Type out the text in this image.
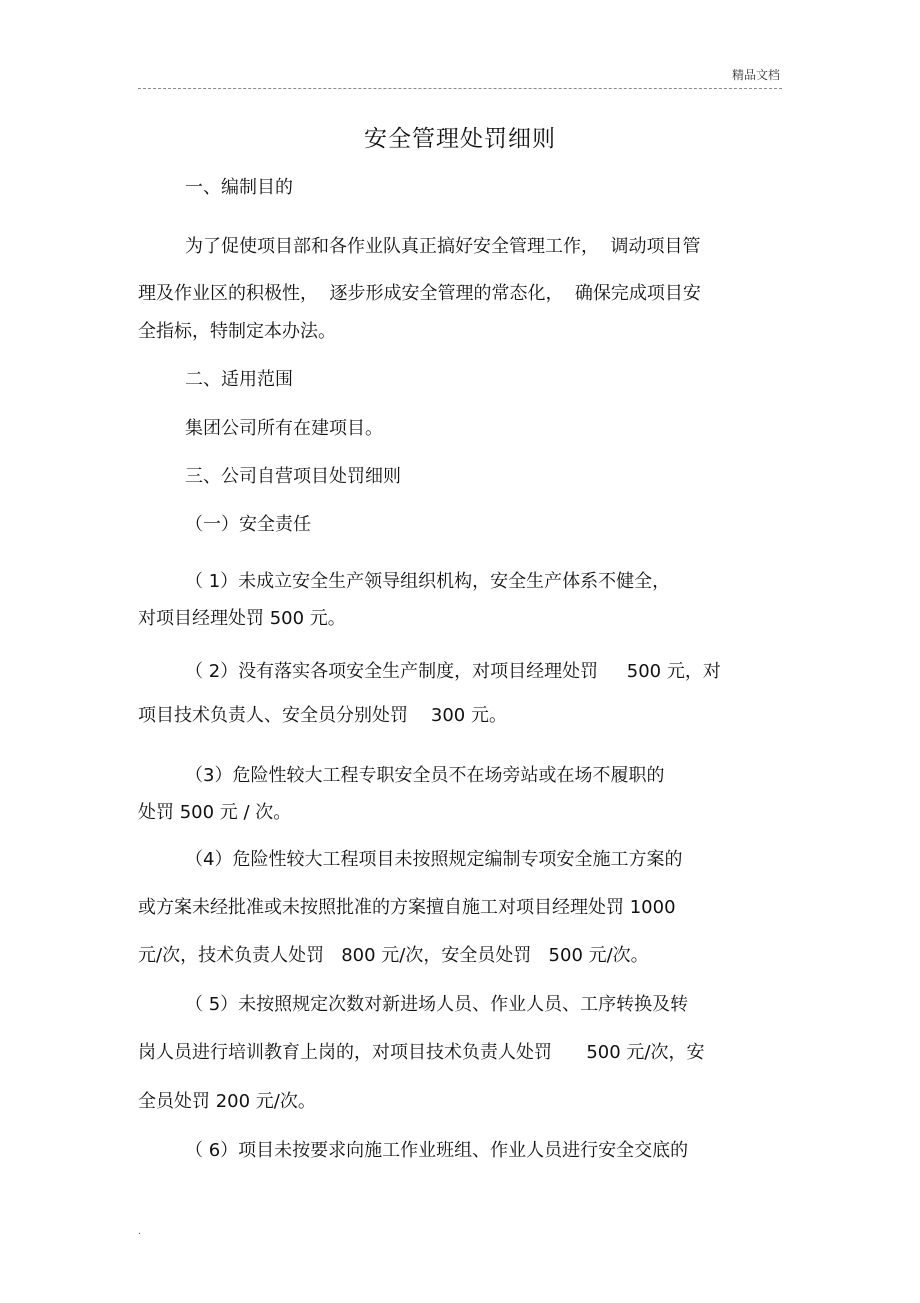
精品文档
安全管理处罚细则
一、编制目的
为了促使项目部和各作业队真正搞好安全管理工作，  调动项目管
理及作业区的积极性，  逐步形成安全管理的常态化，  确保完成项目安
全指标，特制定本办法。
二、适用范围
集团公司所有在建项目。
三、公司自营项目处罚细则
（一）安全责任
（ 1）未成立安全生产领导组织机构，安全生产体系不健全，
对项目经理处罚 500 元。
（ 2）没有落实各项安全生产制度，对项目经理处罚     500 元，对
项目技术负责人、安全员分别处罚    300 元。
（3）危险性较大工程专职安全员不在场旁站或在场不履职的
处罚 500 元 / 次。
（4）危险性较大工程项目未按照规定编制专项安全施工方案的
或方案未经批准或未按照批准的方案擅自施工对项目经理处罚 1000
元/次，技术负责人处罚   800 元/次，安全员处罚   500 元/次。
（ 5）未按照规定次数对新进场人员、作业人员、工序转换及转
岗人员进行培训教育上岗的，对项目技术负责人处罚      500 元/次，安
全员处罚 200 元/次。
（ 6）项目未按要求向施工作业班组、作业人员进行安全交底的
.
